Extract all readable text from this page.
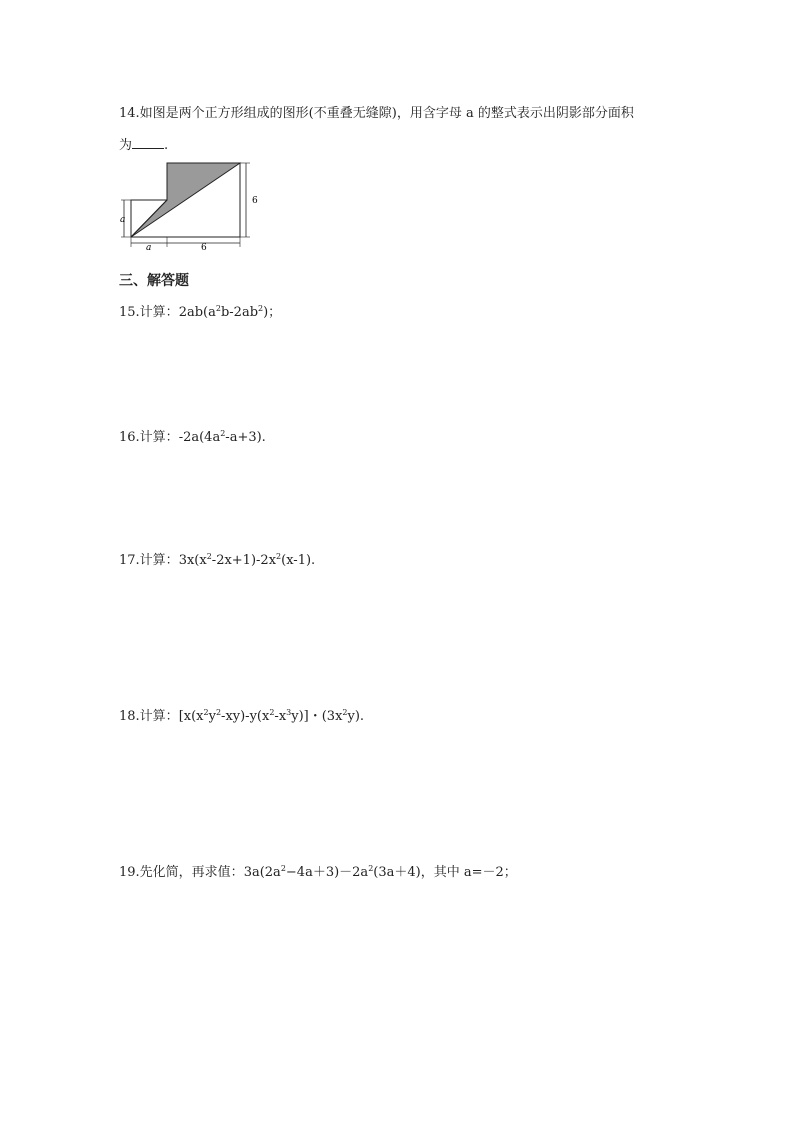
14.如图是两个正方形组成的图形(不重叠无缝隙)，用含字母 a 的整式表示出阴影部分面积
为 .
a
a	6
6
三、解答题
15.计算：$2ab(a^2b-2ab^2)$；
16.计算：$-2a(4a^2-a+3)$.
17.计算：$3x(x^2-2x+1)-2x^2(x-1)$.
18.计算：$[x(x^2y^2-xy)-y(x^2-x^3y)]$・$(3x^2y)$.
19.先化简，再求值：$3a(2a^2-4a+3)-2a^2(3a+4)$，其中 a=－2；
